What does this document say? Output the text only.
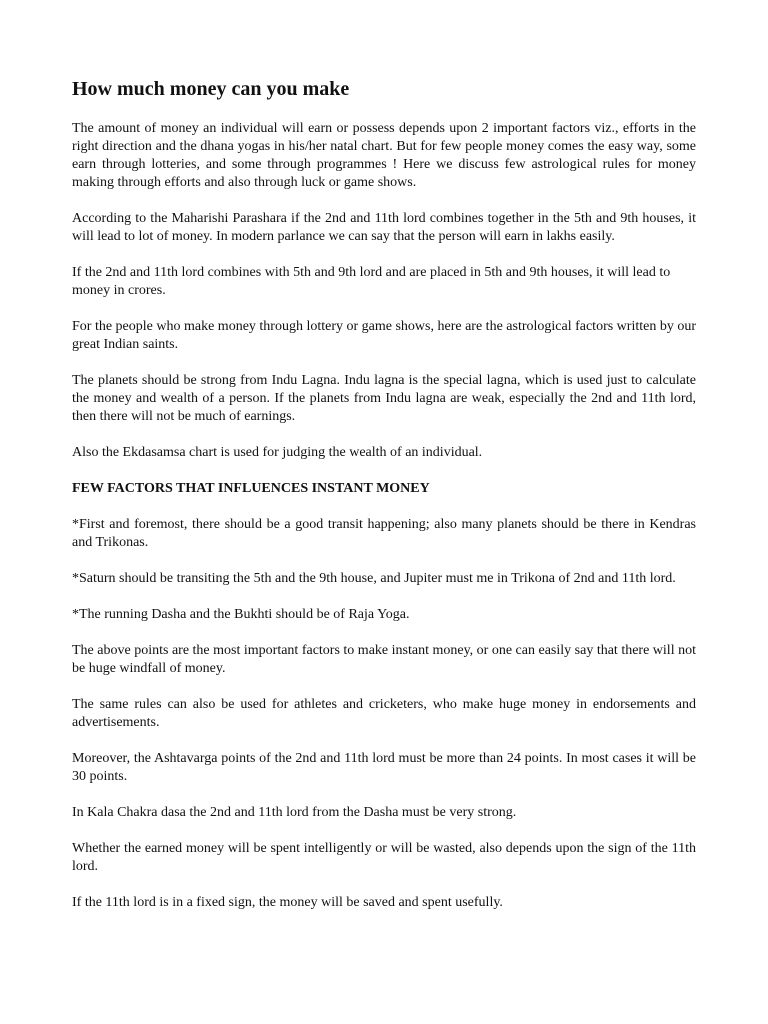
How much money can you make

The amount of money an individual will earn or possess depends upon 2 important factors viz., efforts in the right direction and the dhana yogas in his/her natal chart. But for few people money comes the easy way, some earn through lotteries, and some through programmes ! Here we discuss few astrological rules for money making through efforts and also through luck or game shows.

According to the Maharishi Parashara if the 2nd and 11th lord combines together in the 5th and 9th houses, it will lead to lot of money. In modern parlance we can say that the person will earn in lakhs easily.

If the 2nd and 11th lord combines with 5th and 9th lord and are placed in 5th and 9th houses, it will lead to money in crores.

For the people who make money through lottery or game shows, here are the astrological factors written by our great Indian saints.

The planets should be strong from Indu Lagna. Indu lagna is the special lagna, which is used just to calculate the money and wealth of a person. If the planets from Indu lagna are weak, especially the 2nd and 11th lord, then there will not be much of earnings.

Also the Ekdasamsa chart is used for judging the wealth of an individual.

FEW FACTORS THAT INFLUENCES INSTANT MONEY

*First and foremost, there should be a good transit happening; also many planets should be there in Kendras and Trikonas.

*Saturn should be transiting the 5th and the 9th house, and Jupiter must me in Trikona of 2nd and 11th lord.

*The running Dasha and the Bukhti should be of Raja Yoga.

The above points are the most important factors to make instant money, or one can easily say that there will not be huge windfall of money.

The same rules can also be used for athletes and cricketers, who make huge money in endorsements and advertisements.

Moreover, the Ashtavarga points of the 2nd and 11th lord must be more than 24 points. In most cases it will be 30 points.

In Kala Chakra dasa the 2nd and 11th lord from the Dasha must be very strong.

Whether the earned money will be spent intelligently or will be wasted, also depends upon the sign of the 11th lord.

If the 11th lord is in a fixed sign, the money will be saved and spent usefully.
